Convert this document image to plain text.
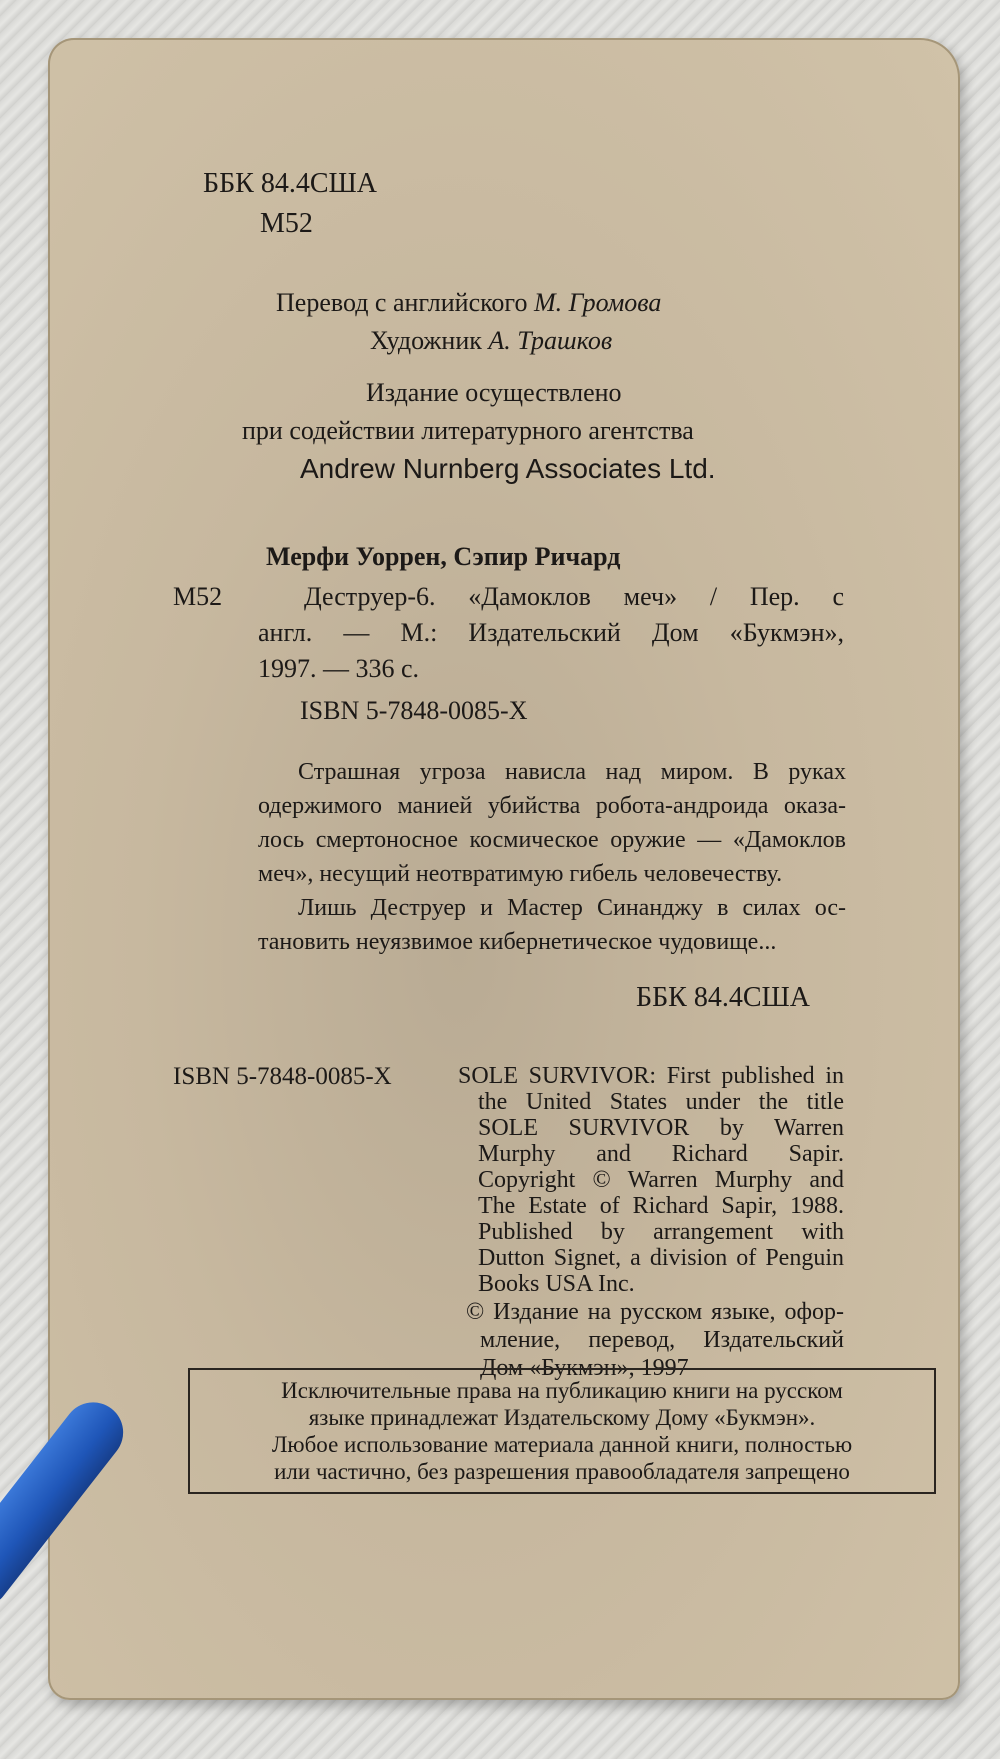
ББК 84.4США
М52
Перевод с английского М. Громова
Художник А. Трашков
Издание осуществлено
при содействии литературного агентства
Andrew Nurnberg Associates Ltd.
Мерфи Уоррен, Сэпир Ричард
М52	Деструер-6. «Дамоклов меч» / Пер. с
англ. — М.: Издательский Дом «Букмэн»,
1997. — 336 с.
ISBN 5-7848-0085-X
Страшная угроза нависла над миром. В руках
одержимого манией убийства робота-андроида оказа-
лось смертоносное космическое оружие — «Дамоклов
меч», несущий неотвратимую гибель человечеству.
Лишь Деструер и Мастер Синанджу в силах ос-
тановить неуязвимое кибернетическое чудовище...
ББК 84.4США
ISBN 5-7848-0085-X	SOLE SURVIVOR: First published in
the United States under the title
SOLE SURVIVOR by Warren
Murphy and Richard Sapir.
Copyright © Warren Murphy and
The Estate of Richard Sapir, 1988.
Published by arrangement with
Dutton Signet, a division of Penguin
Books USA Inc.
© Издание на русском языке, офор-
мление, перевод, Издательский
Дом «Букмэн», 1997
Исключительные права на публикацию книги на русском
языке принадлежат Издательскому Дому «Букмэн».
Любое использование материала данной книги, полностью
или частично, без разрешения правообладателя запрещено
